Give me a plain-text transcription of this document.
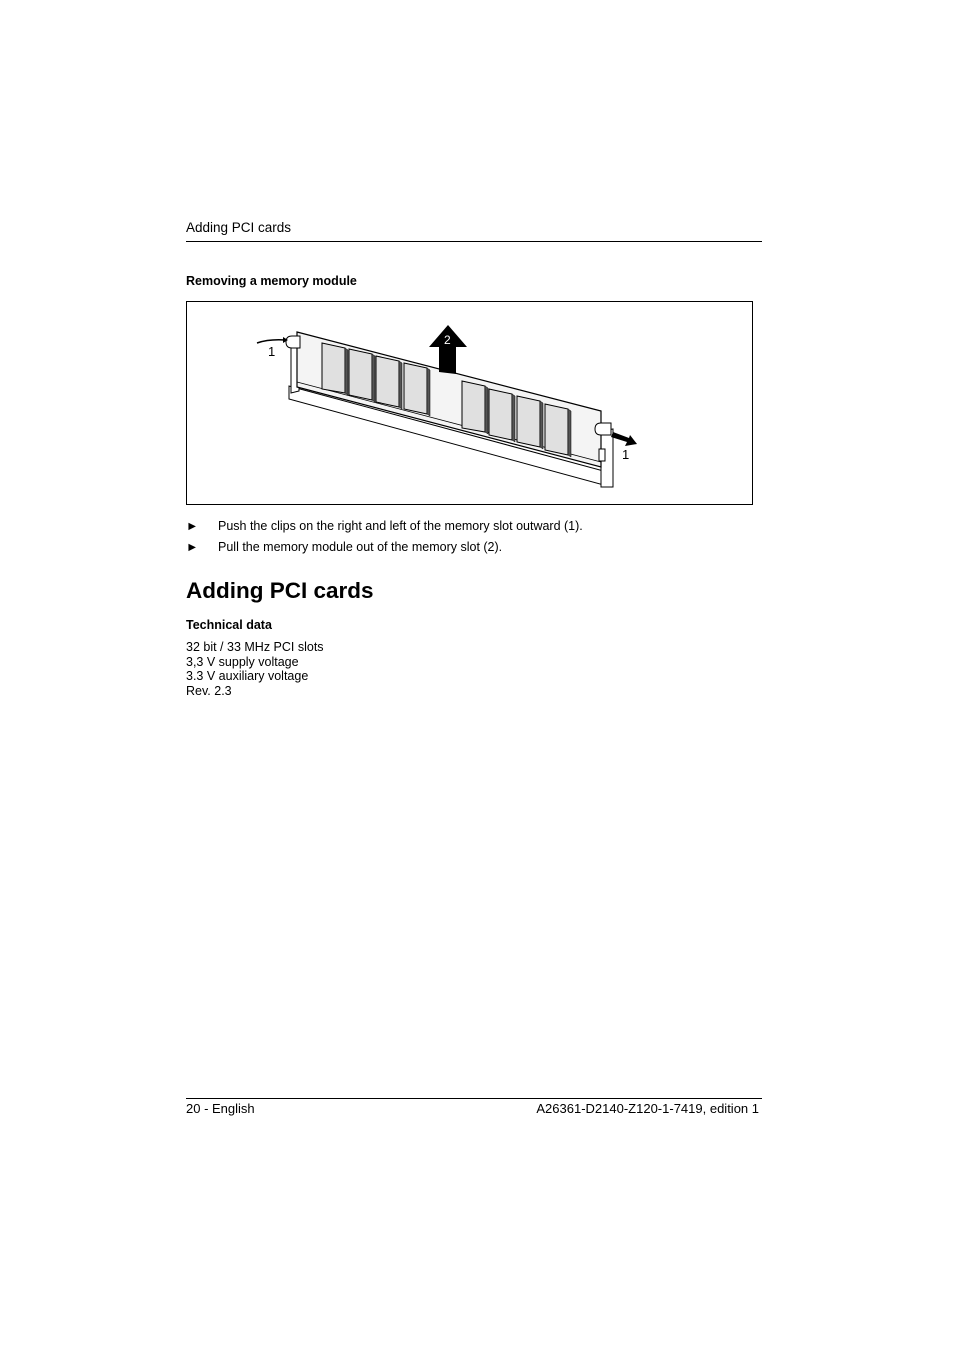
Adding PCI cards
Removing a memory module
1
2
1
►	Push the clips on the right and left of the memory slot outward (1).
►	Pull the memory module out of the memory slot (2).
Adding PCI cards
Technical data
32 bit / 33 MHz PCI slots
3,3 V supply voltage
3.3 V auxiliary voltage
Rev. 2.3
20 - English	A26361-D2140-Z120-1-7419, edition 1
